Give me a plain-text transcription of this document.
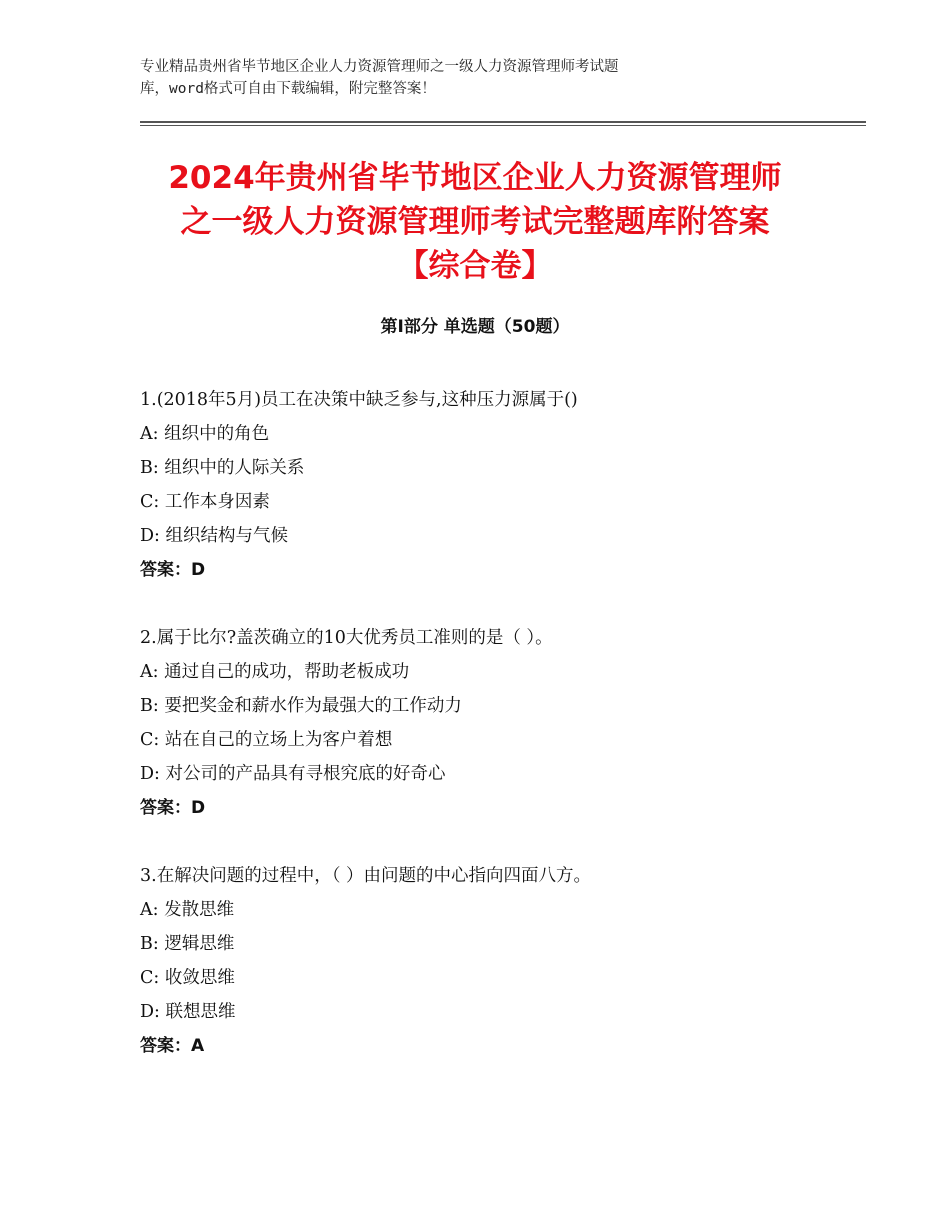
专业精品贵州省毕节地区企业人力资源管理师之一级人力资源管理师考试题
库，word格式可自由下载编辑，附完整答案！

2024年贵州省毕节地区企业人力资源管理师
之一级人力资源管理师考试完整题库附答案
【综合卷】
第Ⅰ部分 单选题（50题）
1.(2018年5月)员工在决策中缺乏参与,这种压力源属于()
A: 组织中的角色
B: 组织中的人际关系
C: 工作本身因素
D: 组织结构与气候
答案：D
2.属于比尔?盖茨确立的10大优秀员工准则的是（ ）。
A: 通过自己的成功，帮助老板成功
B: 要把奖金和薪水作为最强大的工作动力
C: 站在自己的立场上为客户着想
D: 对公司的产品具有寻根究底的好奇心
答案：D
3.在解决问题的过程中，（ ）由问题的中心指向四面八方。
A: 发散思维
B: 逻辑思维
C: 收敛思维
D: 联想思维
答案：A
